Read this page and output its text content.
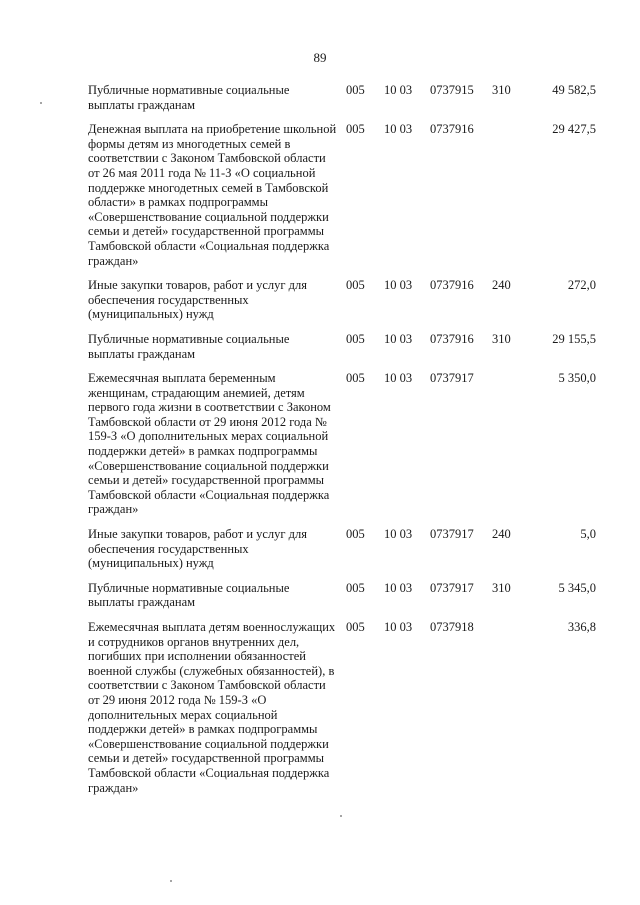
89
Публичные нормативные социальные выплаты гражданам	005	10 03	0737915	310	49 582,5
Денежная выплата на приобретение школьной формы детям из многодетных семей в соответствии с Законом Тамбовской области от 26 мая 2011 года № 11-З «О социальной поддержке многодетных семей в Тамбовской области» в рамках подпрограммы «Совершенствование социальной поддержки семьи и детей» государственной программы Тамбовской области «Социальная поддержка граждан»	005	10 03	0737916		29 427,5
Иные закупки товаров, работ и услуг для обеспечения государственных (муниципальных) нужд	005	10 03	0737916	240	272,0
Публичные нормативные социальные выплаты гражданам	005	10 03	0737916	310	29 155,5
Ежемесячная выплата беременным женщинам, страдающим анемией, детям первого года жизни в соответствии с Законом Тамбовской области от 29 июня 2012 года № 159-З «О дополнительных мерах социальной поддержки детей» в рамках подпрограммы «Совершенствование социальной поддержки семьи и детей» государственной программы Тамбовской области «Социальная поддержка граждан»	005	10 03	0737917		5 350,0
Иные закупки товаров, работ и услуг для обеспечения государственных (муниципальных) нужд	005	10 03	0737917	240	5,0
Публичные нормативные социальные выплаты гражданам	005	10 03	0737917	310	5 345,0
Ежемесячная выплата детям военнослужащих и сотрудников органов внутренних дел, погибших при исполнении обязанностей военной службы (служебных обязанностей), в соответствии с Законом Тамбовской области от 29 июня 2012 года № 159-З «О дополнительных мерах социальной поддержки детей» в рамках подпрограммы «Совершенствование социальной поддержки семьи и детей» государственной программы Тамбовской области «Социальная поддержка граждан»	005	10 03	0737918		336,8
